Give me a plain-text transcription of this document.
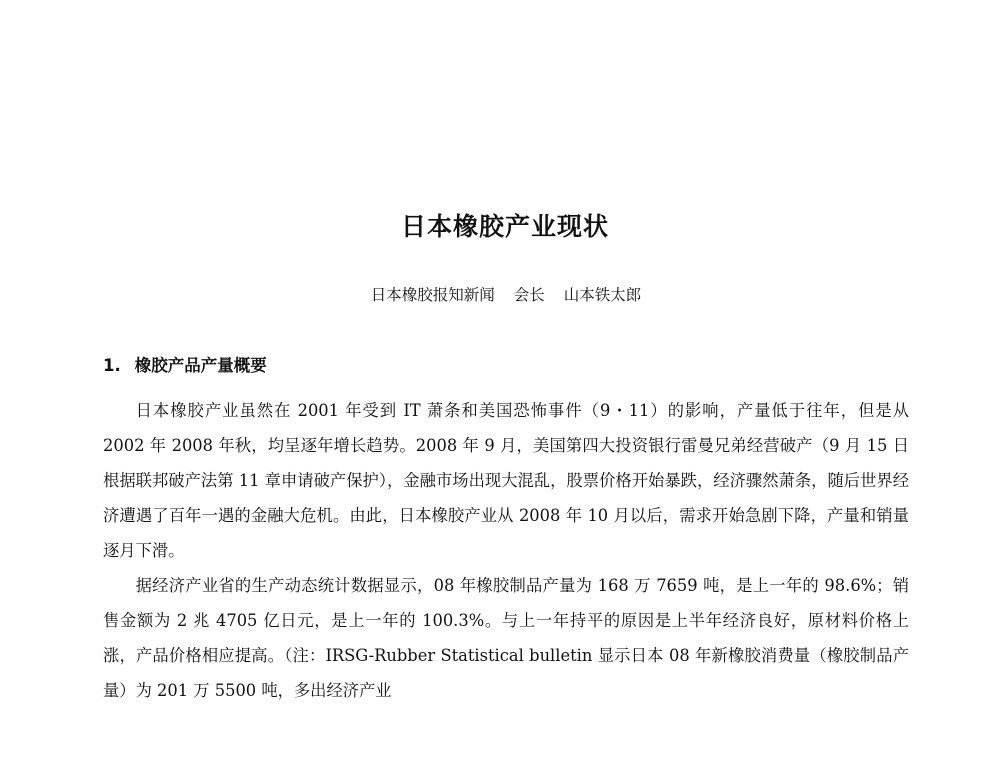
日本橡胶产业现状

日本橡胶报知新闻 会长 山本铁太郎

1. 橡胶产品产量概要

日本橡胶产业虽然在 2001 年受到 IT 萧条和美国恐怖事件（9・11）的影响，产量低于往年，但是从 2002 年 2008 年秋，均呈逐年增长趋势。2008 年 9 月，美国第四大投资银行雷曼兄弟经营破产（9 月 15 日根据联邦破产法第 11 章申请破产保护），金融市场出现大混乱，股票价格开始暴跌，经济骤然萧条，随后世界经济遭遇了百年一遇的金融大危机。由此，日本橡胶产业从 2008 年 10 月以后，需求开始急剧下降，产量和销量逐月下滑。

据经济产业省的生产动态统计数据显示，08 年橡胶制品产量为 168 万 7659 吨，是上一年的 98.6%；销售金额为 2 兆 4705 亿日元，是上一年的 100.3%。与上一年持平的原因是上半年经济良好，原材料价格上涨，产品价格相应提高。（注：IRSG-Rubber Statistical bulletin 显示日本 08 年新橡胶消费量（橡胶制品产量）为 201 万 5500 吨，多出经济产业
